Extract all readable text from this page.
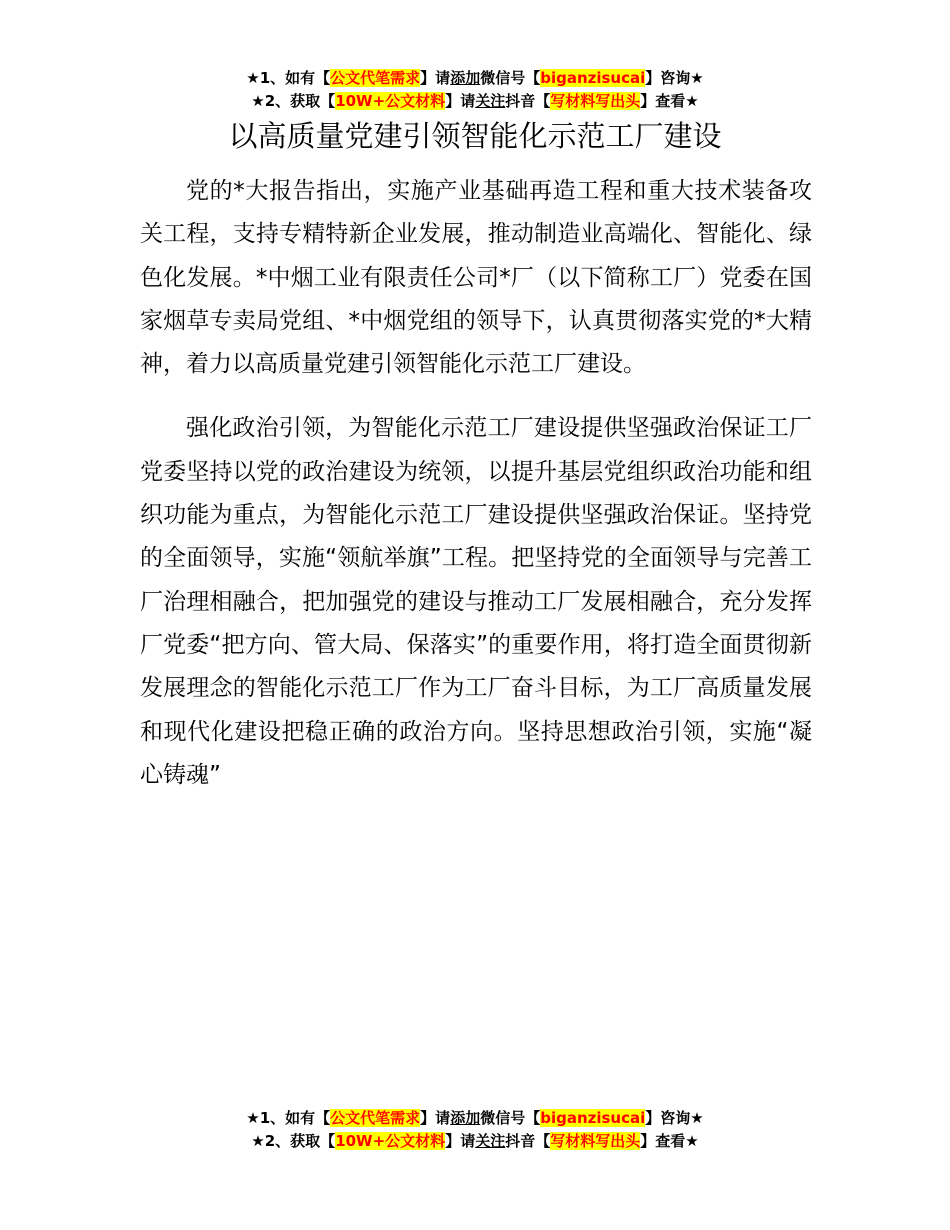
★1、如有【公文代笔需求】请添加微信号【biganzisucai】咨询★
★2、获取【10W+公文材料】请关注抖音【写材料写出头】查看★
以高质量党建引领智能化示范工厂建设

党的*大报告指出，实施产业基础再造工程和重大技术装备攻关工程，支持专精特新企业发展，推动制造业高端化、智能化、绿色化发展。*中烟工业有限责任公司*厂（以下简称工厂）党委在国家烟草专卖局党组、*中烟党组的领导下，认真贯彻落实党的*大精神，着力以高质量党建引领智能化示范工厂建设。

强化政治引领，为智能化示范工厂建设提供坚强政治保证工厂党委坚持以党的政治建设为统领，以提升基层党组织政治功能和组织功能为重点，为智能化示范工厂建设提供坚强政治保证。坚持党的全面领导，实施“领航举旗”工程。把坚持党的全面领导与完善工厂治理相融合，把加强党的建设与推动工厂发展相融合，充分发挥厂党委“把方向、管大局、保落实”的重要作用，将打造全面贯彻新发展理念的智能化示范工厂作为工厂奋斗目标，为工厂高质量发展和现代化建设把稳正确的政治方向。坚持思想政治引领，实施“凝心铸魂”

★1、如有【公文代笔需求】请添加微信号【biganzisucai】咨询★
★2、获取【10W+公文材料】请关注抖音【写材料写出头】查看★
